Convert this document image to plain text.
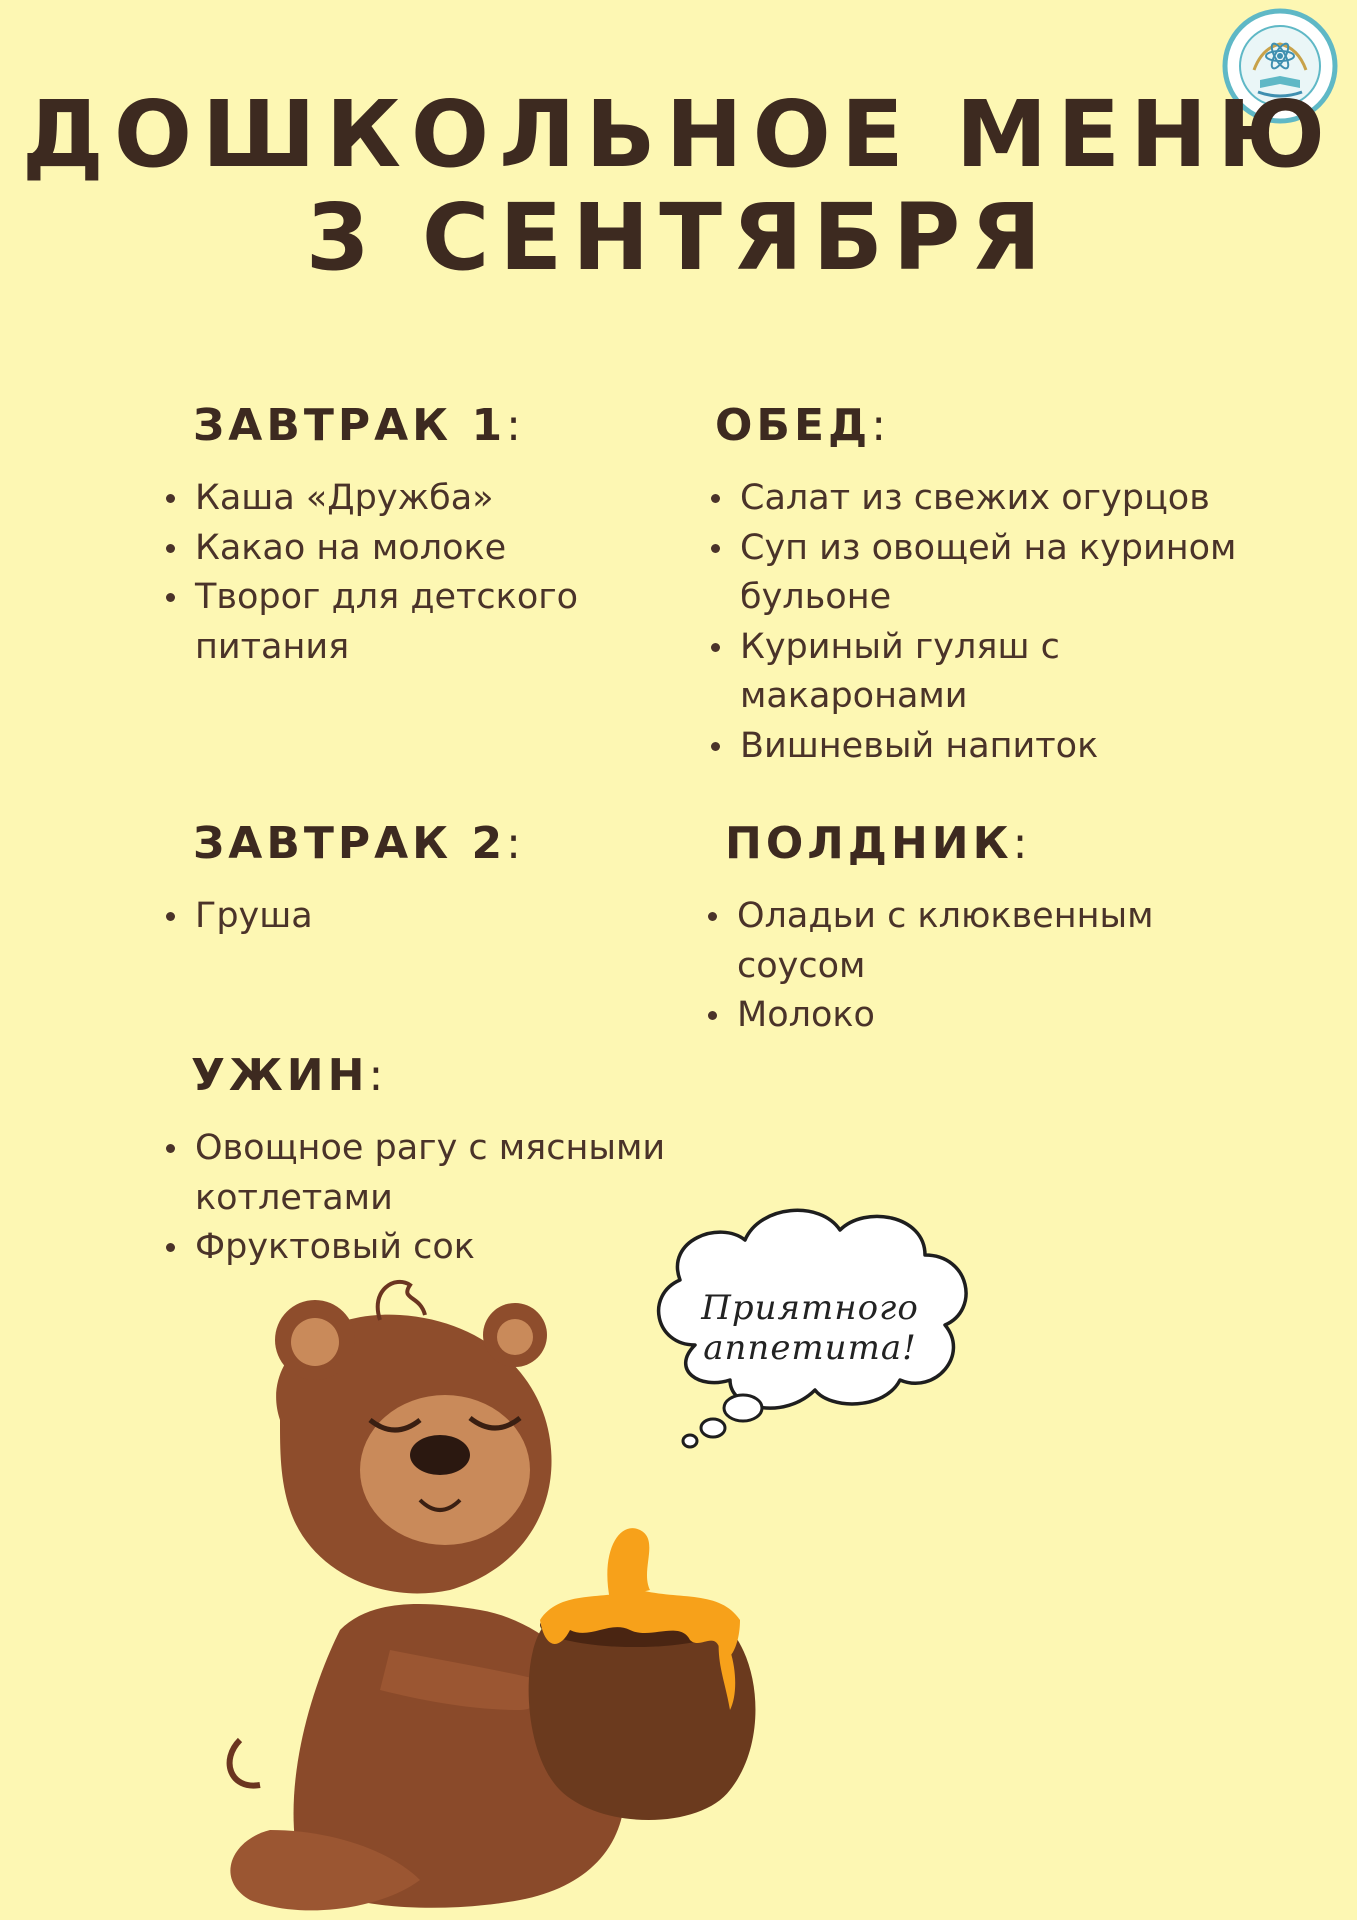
ДОШКОЛЬНОЕ МЕНЮ
3 СЕНТЯБРЯ
ЗАВТРАК 1:
Каша «Дружба»
Какао на молоке
Творог для детского питания
ОБЕД:
Салат из свежих огурцов
Суп из овощей на курином бульоне
Куриный гуляш с макаронами
Вишневый напиток
ЗАВТРАК 2:
Груша
ПОЛДНИК:
Оладьи с клюквенным соусом
Молоко
УЖИН:
Овощное рагу с мясными котлетами
Фруктовый сок
Приятного аппетита!
